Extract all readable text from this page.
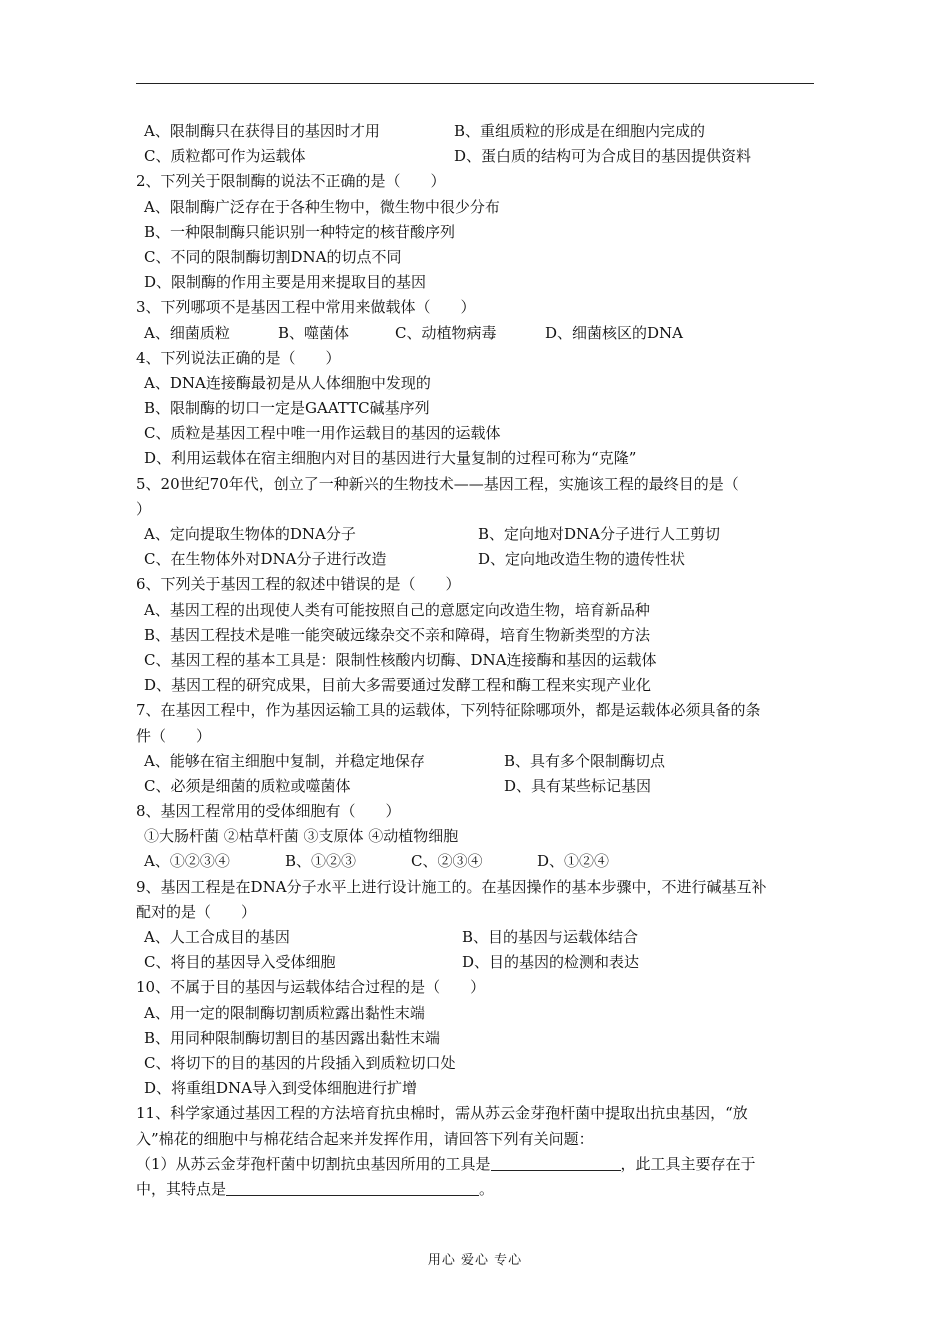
A、限制酶只在获得目的基因时才用	B、重组质粒的形成是在细胞内完成的
C、质粒都可作为运载体	D、蛋白质的结构可为合成目的基因提供资料
2、下列关于限制酶的说法不正确的是（　　）
A、限制酶广泛存在于各种生物中，微生物中很少分布
B、一种限制酶只能识别一种特定的核苷酸序列
C、不同的限制酶切割DNA的切点不同
D、限制酶的作用主要是用来提取目的基因
3、下列哪项不是基因工程中常用来做载体（　　）
A、细菌质粒	B、噬菌体	C、动植物病毒	D、细菌核区的DNA
4、下列说法正确的是（　　）
A、DNA连接酶最初是从人体细胞中发现的
B、限制酶的切口一定是GAATTC碱基序列
C、质粒是基因工程中唯一用作运载目的基因的运载体
D、利用运载体在宿主细胞内对目的基因进行大量复制的过程可称为“克隆”
5、20世纪70年代，创立了一种新兴的生物技术——基因工程，实施该工程的最终目的是（
）
A、定向提取生物体的DNA分子	B、定向地对DNA分子进行人工剪切
C、在生物体外对DNA分子进行改造	D、定向地改造生物的遗传性状
6、下列关于基因工程的叙述中错误的是（　　）
A、基因工程的出现使人类有可能按照自己的意愿定向改造生物，培育新品种
B、基因工程技术是唯一能突破远缘杂交不亲和障碍，培育生物新类型的方法
C、基因工程的基本工具是：限制性核酸内切酶、DNA连接酶和基因的运载体
D、基因工程的研究成果，目前大多需要通过发酵工程和酶工程来实现产业化
7、在基因工程中，作为基因运输工具的运载体，下列特征除哪项外，都是运载体必须具备的条
件（　　）
A、能够在宿主细胞中复制，并稳定地保存	B、具有多个限制酶切点
C、必须是细菌的质粒或噬菌体	D、具有某些标记基因
8、基因工程常用的受体细胞有（　　）
①大肠杆菌 ②枯草杆菌 ③支原体 ④动植物细胞
A、①②③④	B、①②③	C、②③④	D、①②④
9、基因工程是在DNA分子水平上进行设计施工的。在基因操作的基本步骤中，不进行碱基互补
配对的是（　　）
A、人工合成目的基因	B、目的基因与运载体结合
C、将目的基因导入受体细胞	D、目的基因的检测和表达
10、不属于目的基因与运载体结合过程的是（　　）
A、用一定的限制酶切割质粒露出黏性末端
B、用同种限制酶切割目的基因露出黏性末端
C、将切下的目的基因的片段插入到质粒切口处
D、将重组DNA导入到受体细胞进行扩增
11、科学家通过基因工程的方法培育抗虫棉时，需从苏云金芽孢杆菌中提取出抗虫基因，“放
入”棉花的细胞中与棉花结合起来并发挥作用，请回答下列有关问题：
（1）从苏云金芽孢杆菌中切割抗虫基因所用的工具是	，此工具主要存在于
中，其特点是	。
用心 爱心 专心
